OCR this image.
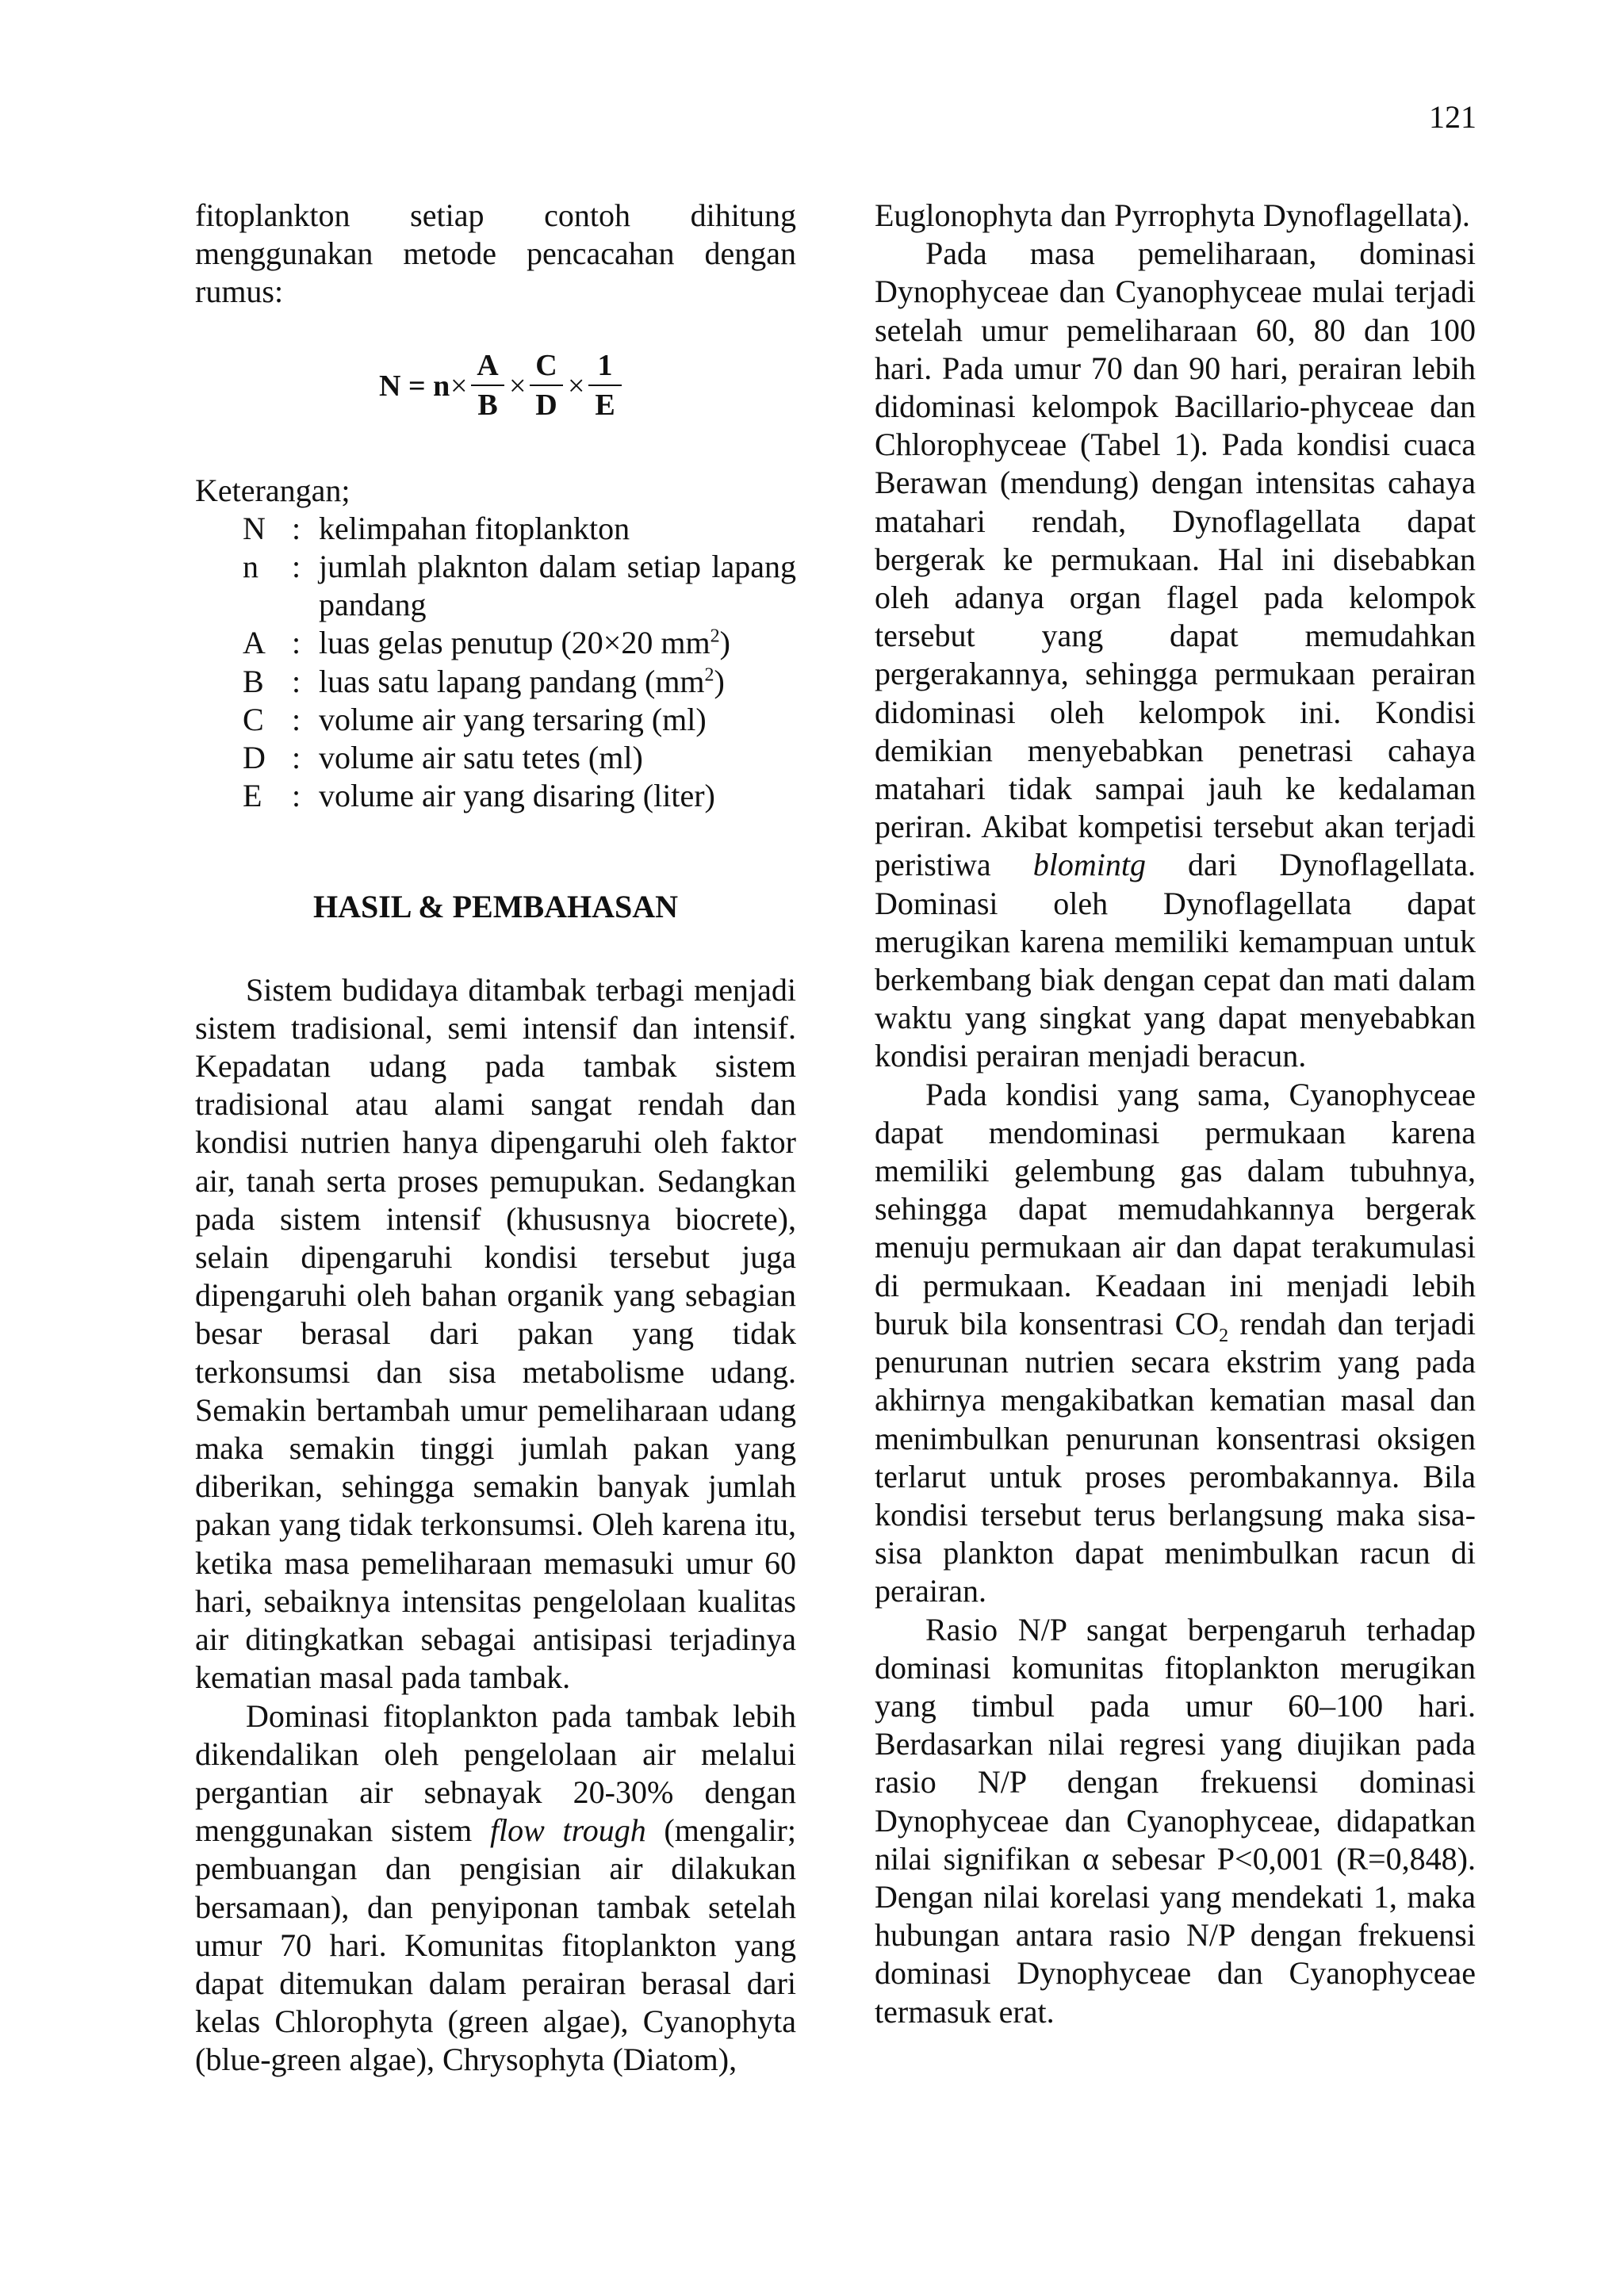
121

fitoplankton setiap contoh dihitung menggunakan metode pencacahan dengan rumus:

N = n ×
A
B
×
C
D
×
1
E

Keterangan;

N : kelimpahan fitoplankton

n : jumlah plaknton dalam setiap lapang pandang

A : luas gelas penutup (20×20 $mm^2$)

B : luas satu lapang pandang $(mm^2)$

C : volume air yang tersaring (ml)

D : volume air satu tetes (ml)

E : volume air yang disaring (liter)

HASIL & PEMBAHASAN

Sistem budidaya ditambak terbagi menjadi sistem tradisional, semi intensif dan intensif. Kepadatan udang pada tambak sistem tradisional atau alami sangat rendah dan kondisi nutrien hanya dipengaruhi oleh faktor air, tanah serta proses pemupukan. Sedangkan pada sistem intensif (khususnya biocrete), selain dipengaruhi kondisi tersebut juga dipengaruhi oleh bahan organik yang sebagian besar berasal dari pakan yang tidak terkonsumsi dan sisa metabolisme udang. Semakin bertambah umur pemeliharaan udang maka semakin tinggi jumlah pakan yang diberikan, sehingga semakin banyak jumlah pakan yang tidak terkonsumsi. Oleh karena itu, ketika masa pemeliharaan memasuki umur 60 hari, sebaiknya intensitas pengelolaan kualitas air ditingkatkan sebagai antisipasi terjadinya kematian masal pada tambak.

Dominasi fitoplankton pada tambak lebih dikendalikan oleh pengelolaan air melalui pergantian air sebnayak 20-30% dengan menggunakan sistem flow trough (mengalir; pembuangan dan pengisian air dilakukan bersamaan), dan penyiponan tambak setelah umur 70 hari. Komunitas fitoplankton yang dapat ditemukan dalam perairan berasal dari kelas Chlorophyta (green algae), Cyanophyta (blue-green algae), Chrysophyta (Diatom),

Euglonophyta dan Pyrrophyta Dynoflagellata).

Pada masa pemeliharaan, dominasi Dynophyceae dan Cyanophyceae mulai terjadi setelah umur pemeliharaan 60, 80 dan 100 hari. Pada umur 70 dan 90 hari, perairan lebih didominasi kelompok Bacillario-phyceae dan Chlorophyceae (Tabel 1). Pada kondisi cuaca Berawan (mendung) dengan intensitas cahaya matahari rendah, Dynoflagellata dapat bergerak ke permukaan. Hal ini disebabkan oleh adanya organ flagel pada kelompok tersebut yang dapat memudahkan pergerakannya, sehingga permukaan perairan didominasi oleh kelompok ini. Kondisi demikian menyebabkan penetrasi cahaya matahari tidak sampai jauh ke kedalaman periran. Akibat kompetisi tersebut akan terjadi peristiwa blomintg dari Dynoflagellata. Dominasi oleh Dynoflagellata dapat merugikan karena memiliki kemampuan untuk berkembang biak dengan cepat dan mati dalam waktu yang singkat yang dapat menyebabkan kondisi perairan menjadi beracun.

Pada kondisi yang sama, Cyanophyceae dapat mendominasi permukaan karena memiliki gelembung gas dalam tubuhnya, sehingga dapat memudahkannya bergerak menuju permukaan air dan dapat terakumulasi di permukaan. Keadaan ini menjadi lebih buruk bila konsentrasi $CO_2$ rendah dan terjadi penurunan nutrien secara ekstrim yang pada akhirnya mengakibatkan kematian masal dan menimbulkan penurunan konsentrasi oksigen terlarut untuk proses perombakannya. Bila kondisi tersebut terus berlangsung maka sisa-sisa plankton dapat menimbulkan racun di perairan.

Rasio N/P sangat berpengaruh terhadap dominasi komunitas fitoplankton merugikan yang timbul pada umur 60–100 hari. Berdasarkan nilai regresi yang diujikan pada rasio N/P dengan frekuensi dominasi Dynophyceae dan Cyanophyceae, didapatkan nilai signifikan α sebesar P<0,001 (R=0,848). Dengan nilai korelasi yang mendekati 1, maka hubungan antara rasio N/P dengan frekuensi dominasi Dynophyceae dan Cyanophyceae termasuk erat.
